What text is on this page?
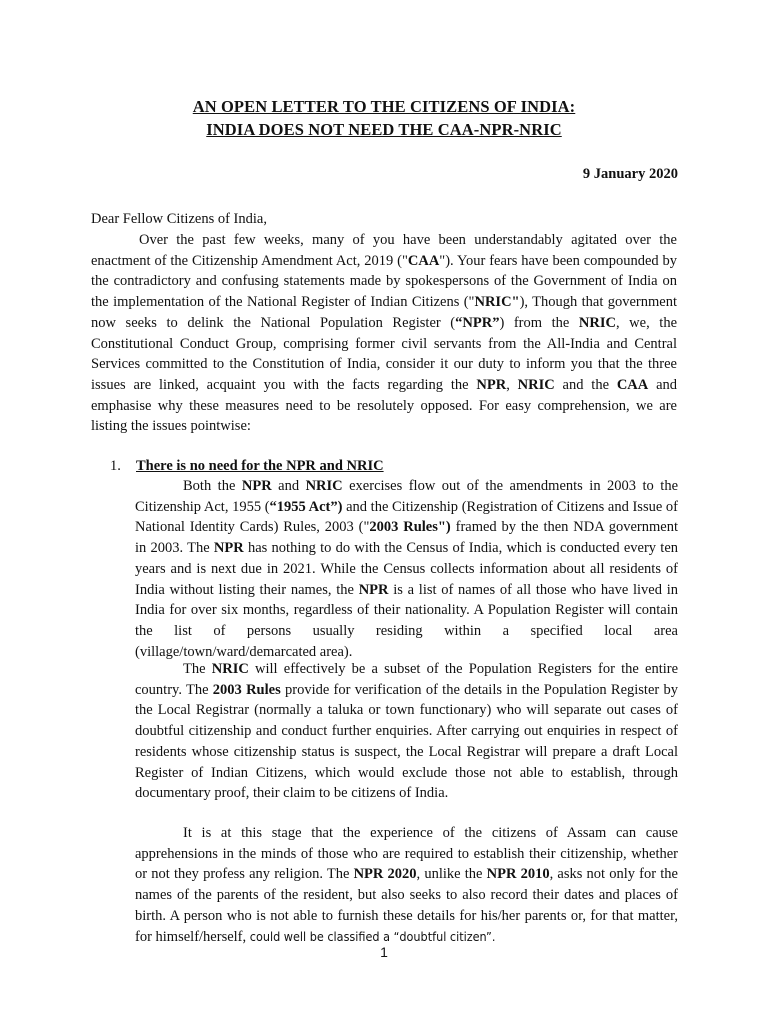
AN OPEN LETTER TO THE CITIZENS OF INDIA:
INDIA DOES NOT NEED THE CAA-NPR-NRIC
9 January 2020
Dear Fellow Citizens of India,

Over the past few weeks, many of you have been understandably agitated over the enactment of the Citizenship Amendment Act, 2019 ("CAA"). Your fears have been compounded by the contradictory and confusing statements made by spokespersons of the Government of India on the implementation of the National Register of Indian Citizens ("NRIC"), Though that government now seeks to delink the National Population Register (“NPR”) from the NRIC, we, the Constitutional Conduct Group, comprising former civil servants from the All-India and Central Services committed to the Constitution of India, consider it our duty to inform you that the three issues are linked, acquaint you with the facts regarding the NPR, NRIC and the CAA and emphasise why these measures need to be resolutely opposed. For easy comprehension, we are listing the issues pointwise:

1. There is no need for the NPR and NRIC

Both the NPR and NRIC exercises flow out of the amendments in 2003 to the Citizenship Act, 1955 (“1955 Act”) and the Citizenship (Registration of Citizens and Issue of National Identity Cards) Rules, 2003 ("2003 Rules") framed by the then NDA government in 2003. The NPR has nothing to do with the Census of India, which is conducted every ten years and is next due in 2021. While the Census collects information about all residents of India without listing their names, the NPR is a list of names of all those who have lived in India for over six months, regardless of their nationality. A Population Register will contain the list of persons usually residing within a specified local area (village/town/ward/demarcated area).

The NRIC will effectively be a subset of the Population Registers for the entire country. The 2003 Rules provide for verification of the details in the Population Register by the Local Registrar (normally a taluka or town functionary) who will separate out cases of doubtful citizenship and conduct further enquiries. After carrying out enquiries in respect of residents whose citizenship status is suspect, the Local Registrar will prepare a draft Local Register of Indian Citizens, which would exclude those not able to establish, through documentary proof, their claim to be citizens of India.

It is at this stage that the experience of the citizens of Assam can cause apprehensions in the minds of those who are required to establish their citizenship, whether or not they profess any religion. The NPR 2020, unlike the NPR 2010, asks not only for the names of the parents of the resident, but also seeks to also record their dates and places of birth. A person who is not able to furnish these details for his/her parents or, for that matter, for himself/herself, could well be classified a “doubtful citizen”.

1
